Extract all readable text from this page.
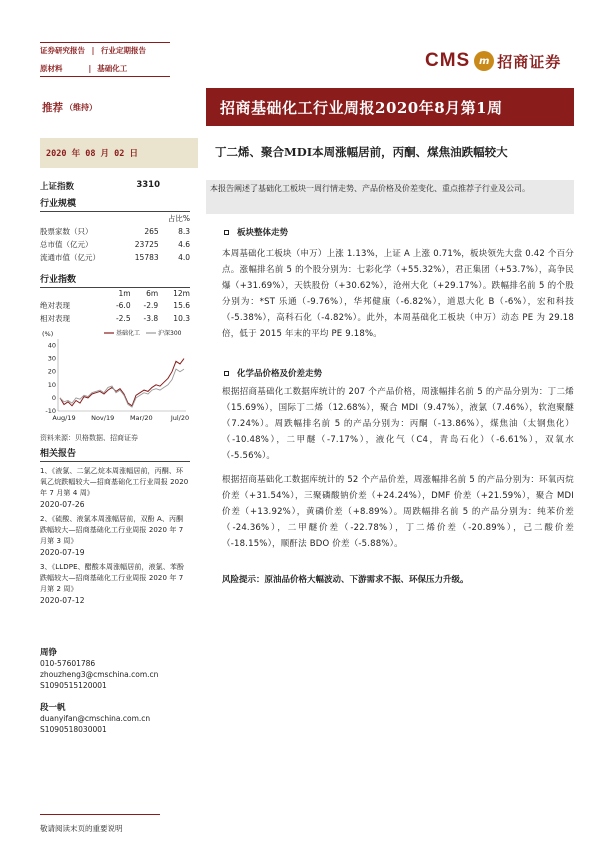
证券研究报告 | 行业定期报告
原材料	| 基础化工	CMS m 招商证券
推荐 （维持）	招商基础化工行业周报2020年8月第1周
2020 年 08 月 02 日	丁二烯、聚合MDI本周涨幅居前，丙酮、煤焦油跌幅较大
上证指数	3310
行业规模
		占比%
股票家数（只）	265	8.3
总市值（亿元）	23725	4.6
流通市值（亿元）	15783	4.0
行业指数
	1m	6m	12m
绝对表现	-6.0	-2.9	15.6
相对表现	-2.5	-3.8	10.3
(%)
-10
0
10
20
30
40
Aug/19 Nov/19 Mar/20	Jul/20
基础化工	沪深300
资料来源：贝格数据、招商证券
相关报告
1、《液氯、二氯乙烷本周涨幅居前，丙酮、环氧乙烷跌幅较大—招商基础化工行业周报 2020 年 7 月第 4 周》
2020-07-26
2、《硫酸、液氯本周涨幅居前，双酚 A、丙酮跌幅较大—招商基础化工行业周报 2020 年 7 月第 3 周》
2020-07-19
3、《LLDPE、醋酸本周涨幅居前，液氯、苯酚跌幅较大—招商基础化工行业周报 2020 年 7 月第 2 周》
2020-07-12
周铮
010-57601786
zhouzheng3@cmschina.com.cn
S1090515120001
段一帆
duanyifan@cmschina.com.cn
S1090518030001
敬请阅读末页的重要说明
本报告阐述了基础化工板块一周行情走势、产品价格及价差变化、重点推荐子行业及公司。
板块整体走势
本周基础化工板块（申万）上涨 1.13%，上证 A 上涨 0.71%，板块领先大盘 0.42 个百分点。涨幅排名前 5 的个股分别为：七彩化学（+55.32%），君正集团（+53.7%），高争民爆（+31.69%），天铁股份（+30.62%），沧州大化（+29.17%）。跌幅排名前 5 的个股分别为：*ST 乐通（-9.76%），华邦健康（-6.82%），道恩大化 B（-6%），宏和科技（-5.38%），高科石化（-4.82%）。此外，本周基础化工板块（申万）动态 PE 为 29.18 倍，低于 2015 年末的平均 PE 9.18%。
化学品价格及价差走势
根据招商基础化工数据库统计的 207 个产品价格，周涨幅排名前 5 的产品分别为：丁二烯（15.69%），国际丁二烯（12.68%），聚合 MDI（9.47%），液氯（7.46%），软泡聚醚（7.24%）。周跌幅排名前 5 的产品分别为：丙酮（-13.86%），煤焦油（太钢焦化）（-10.48%），二甲醚（-7.17%），液化气（C4，青岛石化）（-6.61%），双氧水（-5.56%）。
根据招商基础化工数据库统计的 52 个产品价差，周涨幅排名前 5 的产品分别为：环氧丙烷价差（+31.54%），三聚磷酸钠价差（+24.24%），DMF 价差（+21.59%），聚合 MDI 价差（+13.92%），黄磷价差（+8.89%）。周跌幅排名前 5 的产品分别为：纯苯价差（-24.36%），二甲醚价差（-22.78%），丁二烯价差（-20.89%），己二酸价差（-18.15%），顺酐法 BDO 价差（-5.88%）。
风险提示：原油品价格大幅波动、下游需求不振、环保压力升级。
